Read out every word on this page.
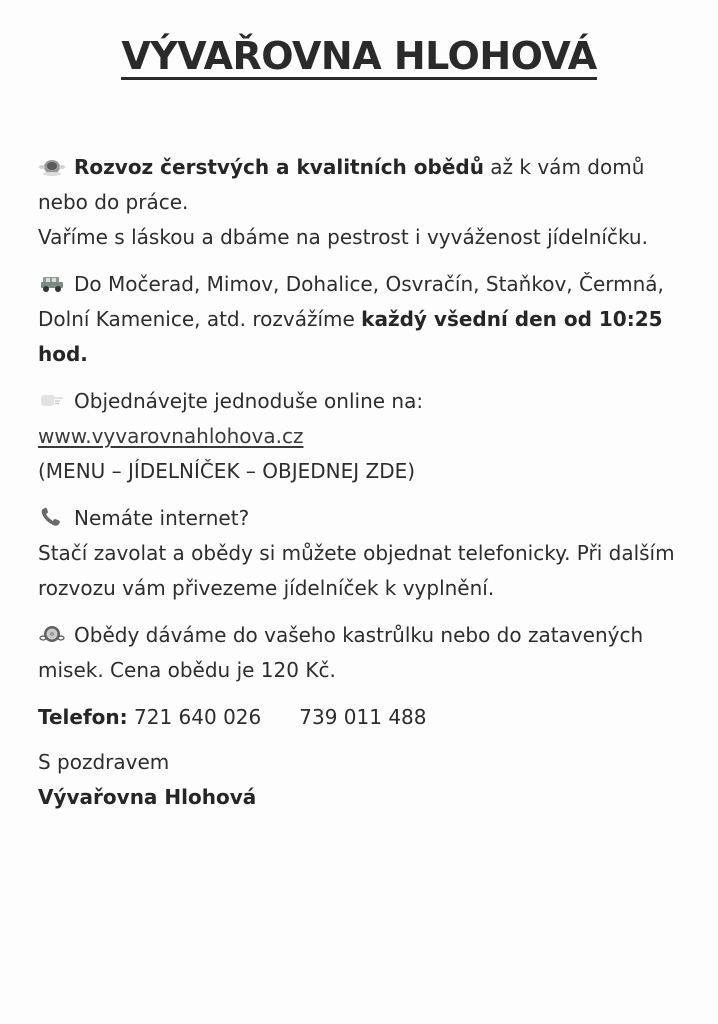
VÝVAŘOVNA HLOHOVÁ
Rozvoz čerstvých a kvalitních obědů až k vám domů nebo do práce.
Vaříme s láskou a dbáme na pestrost i vyváženost jídelníčku.
Do Močerad, Mimov, Dohalice, Osvračín, Staňkov, Čermná, Dolní Kamenice, atd. rozvážíme každý všední den od 10:25 hod.
Objednávejte jednoduše online na:
www.vyvarovnahlohova.cz
(MENU – JÍDELNÍČEK – OBJEDNEJ ZDE)
Nemáte internet?
Stačí zavolat a obědy si můžete objednat telefonicky. Při dalším rozvozu vám přivezeme jídelníček k vyplnění.
Obědy dáváme do vašeho kastrůlku nebo do zatavených misek. Cena obědu je 120 Kč.
Telefon: 721 640 026 739 011 488
S pozdravem
Vývařovna Hlohová
